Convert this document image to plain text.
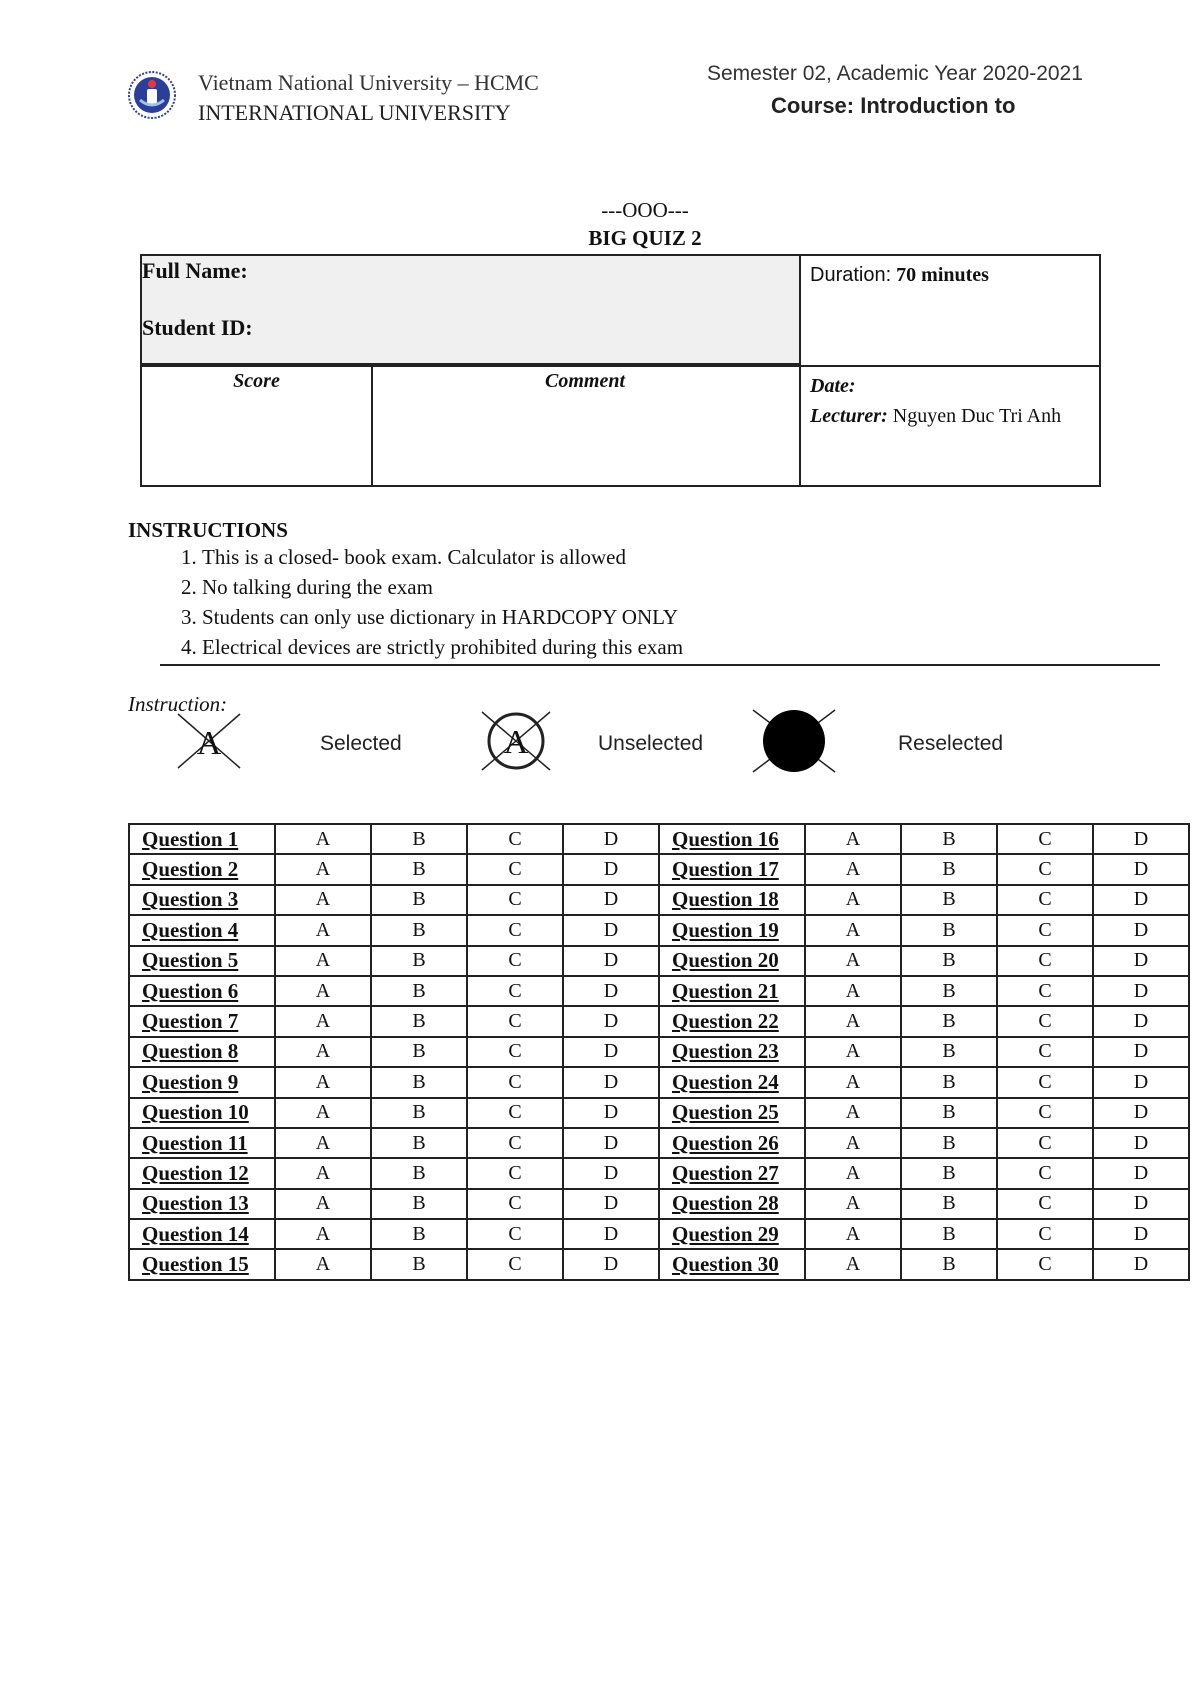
Vietnam National University – HCMC
INTERNATIONAL UNIVERSITY
Semester 02, Academic Year 2020-2021
Course: Introduction to
---OOO---
BIG QUIZ 2
Full Name:
Student ID:
Duration: 70 minutes
Score	Comment	Date:
Lecturer: Nguyen Duc Tri Anh
INSTRUCTIONS
1. This is a closed- book exam. Calculator is allowed
2. No talking during the exam
3. Students can only use dictionary in HARDCOPY ONLY
4. Electrical devices are strictly prohibited during this exam
Instruction:
A	Selected	A	Unselected	Reselected
Question 1	A	B	C	D	Question 16	A	B	C	D
Question 2	A	B	C	D	Question 17	A	B	C	D
Question 3	A	B	C	D	Question 18	A	B	C	D
Question 4	A	B	C	D	Question 19	A	B	C	D
Question 5	A	B	C	D	Question 20	A	B	C	D
Question 6	A	B	C	D	Question 21	A	B	C	D
Question 7	A	B	C	D	Question 22	A	B	C	D
Question 8	A	B	C	D	Question 23	A	B	C	D
Question 9	A	B	C	D	Question 24	A	B	C	D
Question 10	A	B	C	D	Question 25	A	B	C	D
Question 11	A	B	C	D	Question 26	A	B	C	D
Question 12	A	B	C	D	Question 27	A	B	C	D
Question 13	A	B	C	D	Question 28	A	B	C	D
Question 14	A	B	C	D	Question 29	A	B	C	D
Question 15	A	B	C	D	Question 30	A	B	C	D
